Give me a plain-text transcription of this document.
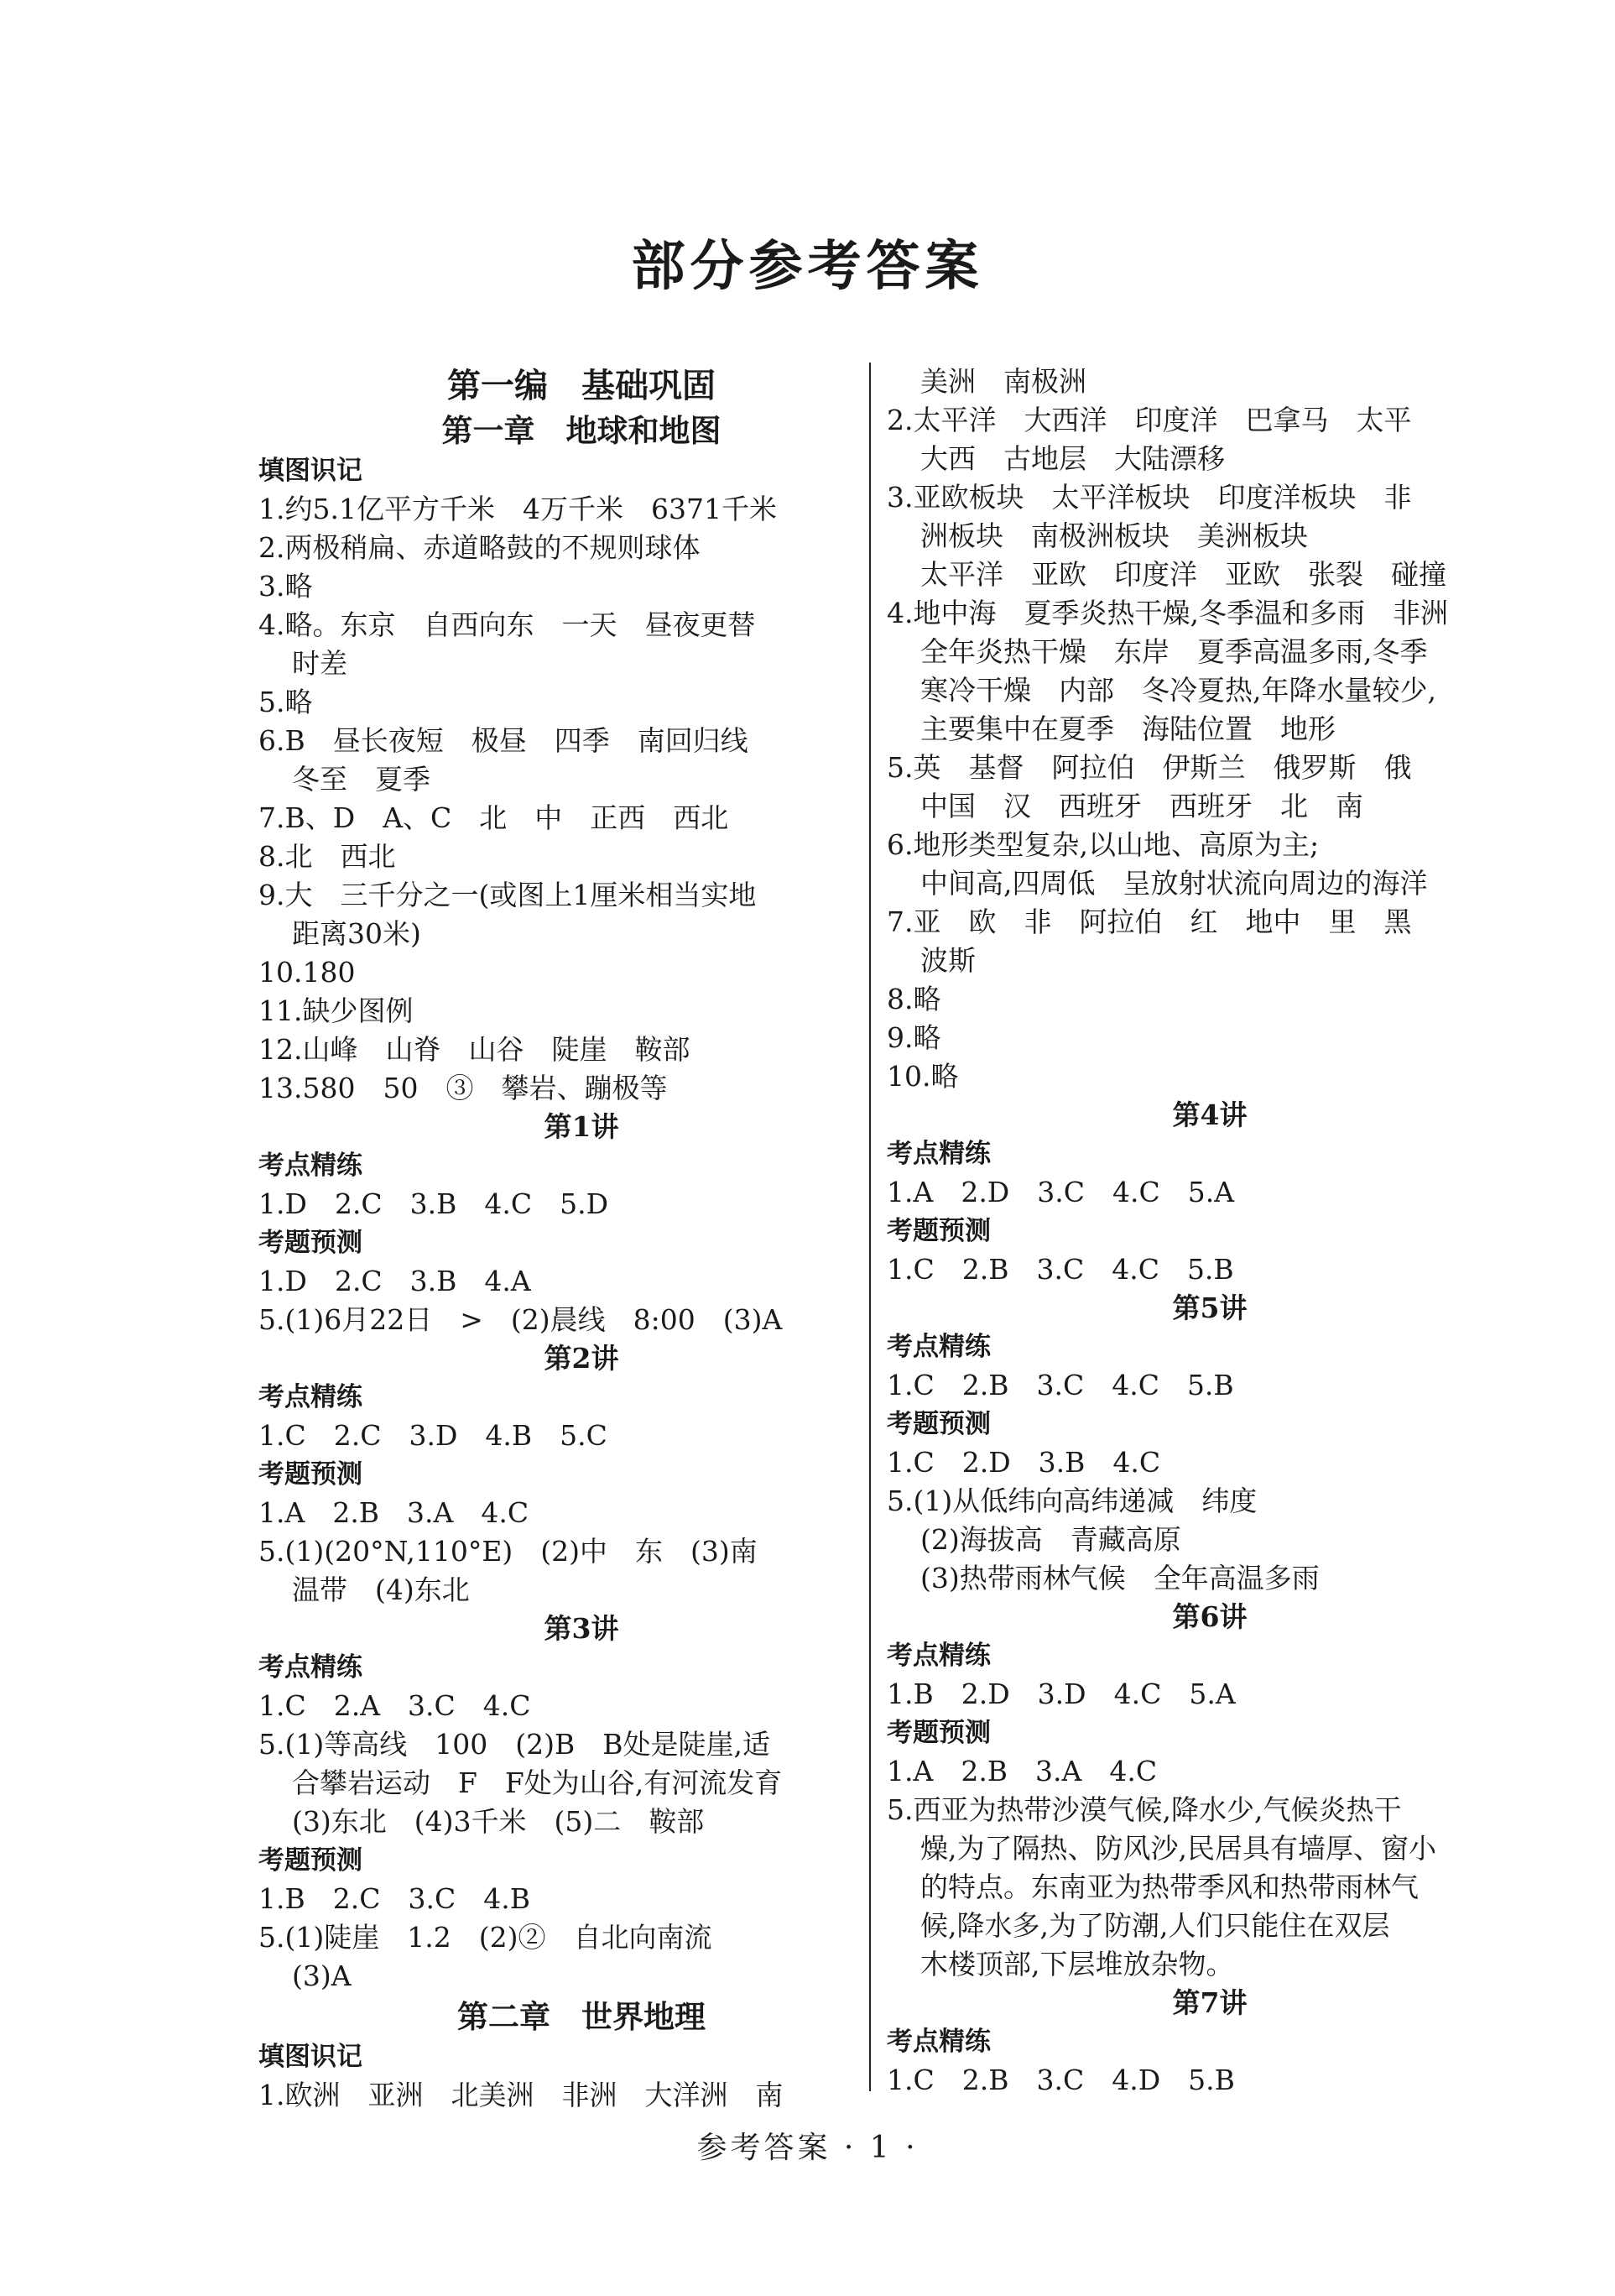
部分参考答案
第一编　基础巩固
第一章　地球和地图
填图识记
1.约5.1亿平方千米　4万千米　6371千米
2.两极稍扁、赤道略鼓的不规则球体
3.略
4.略。东京　自西向东　一天　昼夜更替
时差
5.略
6.B　昼长夜短　极昼　四季　南回归线
冬至　夏季
7.B、D　A、C　北　中　正西　西北
8.北　西北
9.大　三千分之一(或图上1厘米相当实地
距离30米)
10.180
11.缺少图例
12.山峰　山脊　山谷　陡崖　鞍部
13.580　50　③　攀岩、蹦极等
第1讲
考点精练
1.D　2.C　3.B　4.C　5.D
考题预测
1.D　2.C　3.B　4.A
5.(1)6月22日　>　(2)晨线　8:00　(3)A
第2讲
考点精练
1.C　2.C　3.D　4.B　5.C
考题预测
1.A　2.B　3.A　4.C
5.(1)(20°N,110°E)　(2)中　东　(3)南
温带　(4)东北
第3讲
考点精练
1.C　2.A　3.C　4.C
5.(1)等高线　100　(2)B　B处是陡崖,适
合攀岩运动　F　F处为山谷,有河流发育
(3)东北　(4)3千米　(5)二　鞍部
考题预测
1.B　2.C　3.C　4.B
5.(1)陡崖　1.2　(2)②　自北向南流
(3)A
第二章　世界地理
填图识记
1.欧洲　亚洲　北美洲　非洲　大洋洲　南
美洲　南极洲
2.太平洋　大西洋　印度洋　巴拿马　太平
大西　古地层　大陆漂移
3.亚欧板块　太平洋板块　印度洋板块　非
洲板块　南极洲板块　美洲板块
太平洋　亚欧　印度洋　亚欧　张裂　碰撞
4.地中海　夏季炎热干燥,冬季温和多雨　非洲
全年炎热干燥　东岸　夏季高温多雨,冬季
寒冷干燥　内部　冬冷夏热,年降水量较少,
主要集中在夏季　海陆位置　地形
5.英　基督　阿拉伯　伊斯兰　俄罗斯　俄
中国　汉　西班牙　西班牙　北　南
6.地形类型复杂,以山地、高原为主;
中间高,四周低　呈放射状流向周边的海洋
7.亚　欧　非　阿拉伯　红　地中　里　黑
波斯
8.略
9.略
10.略
第4讲
考点精练
1.A　2.D　3.C　4.C　5.A
考题预测
1.C　2.B　3.C　4.C　5.B
第5讲
考点精练
1.C　2.B　3.C　4.C　5.B
考题预测
1.C　2.D　3.B　4.C
5.(1)从低纬向高纬递减　纬度
(2)海拔高　青藏高原
(3)热带雨林气候　全年高温多雨
第6讲
考点精练
1.B　2.D　3.D　4.C　5.A
考题预测
1.A　2.B　3.A　4.C
5.西亚为热带沙漠气候,降水少,气候炎热干
燥,为了隔热、防风沙,民居具有墙厚、窗小
的特点。东南亚为热带季风和热带雨林气
候,降水多,为了防潮,人们只能住在双层
木楼顶部,下层堆放杂物。
第7讲
考点精练
1.C　2.B　3.C　4.D　5.B
参考答案 · 1 ·
